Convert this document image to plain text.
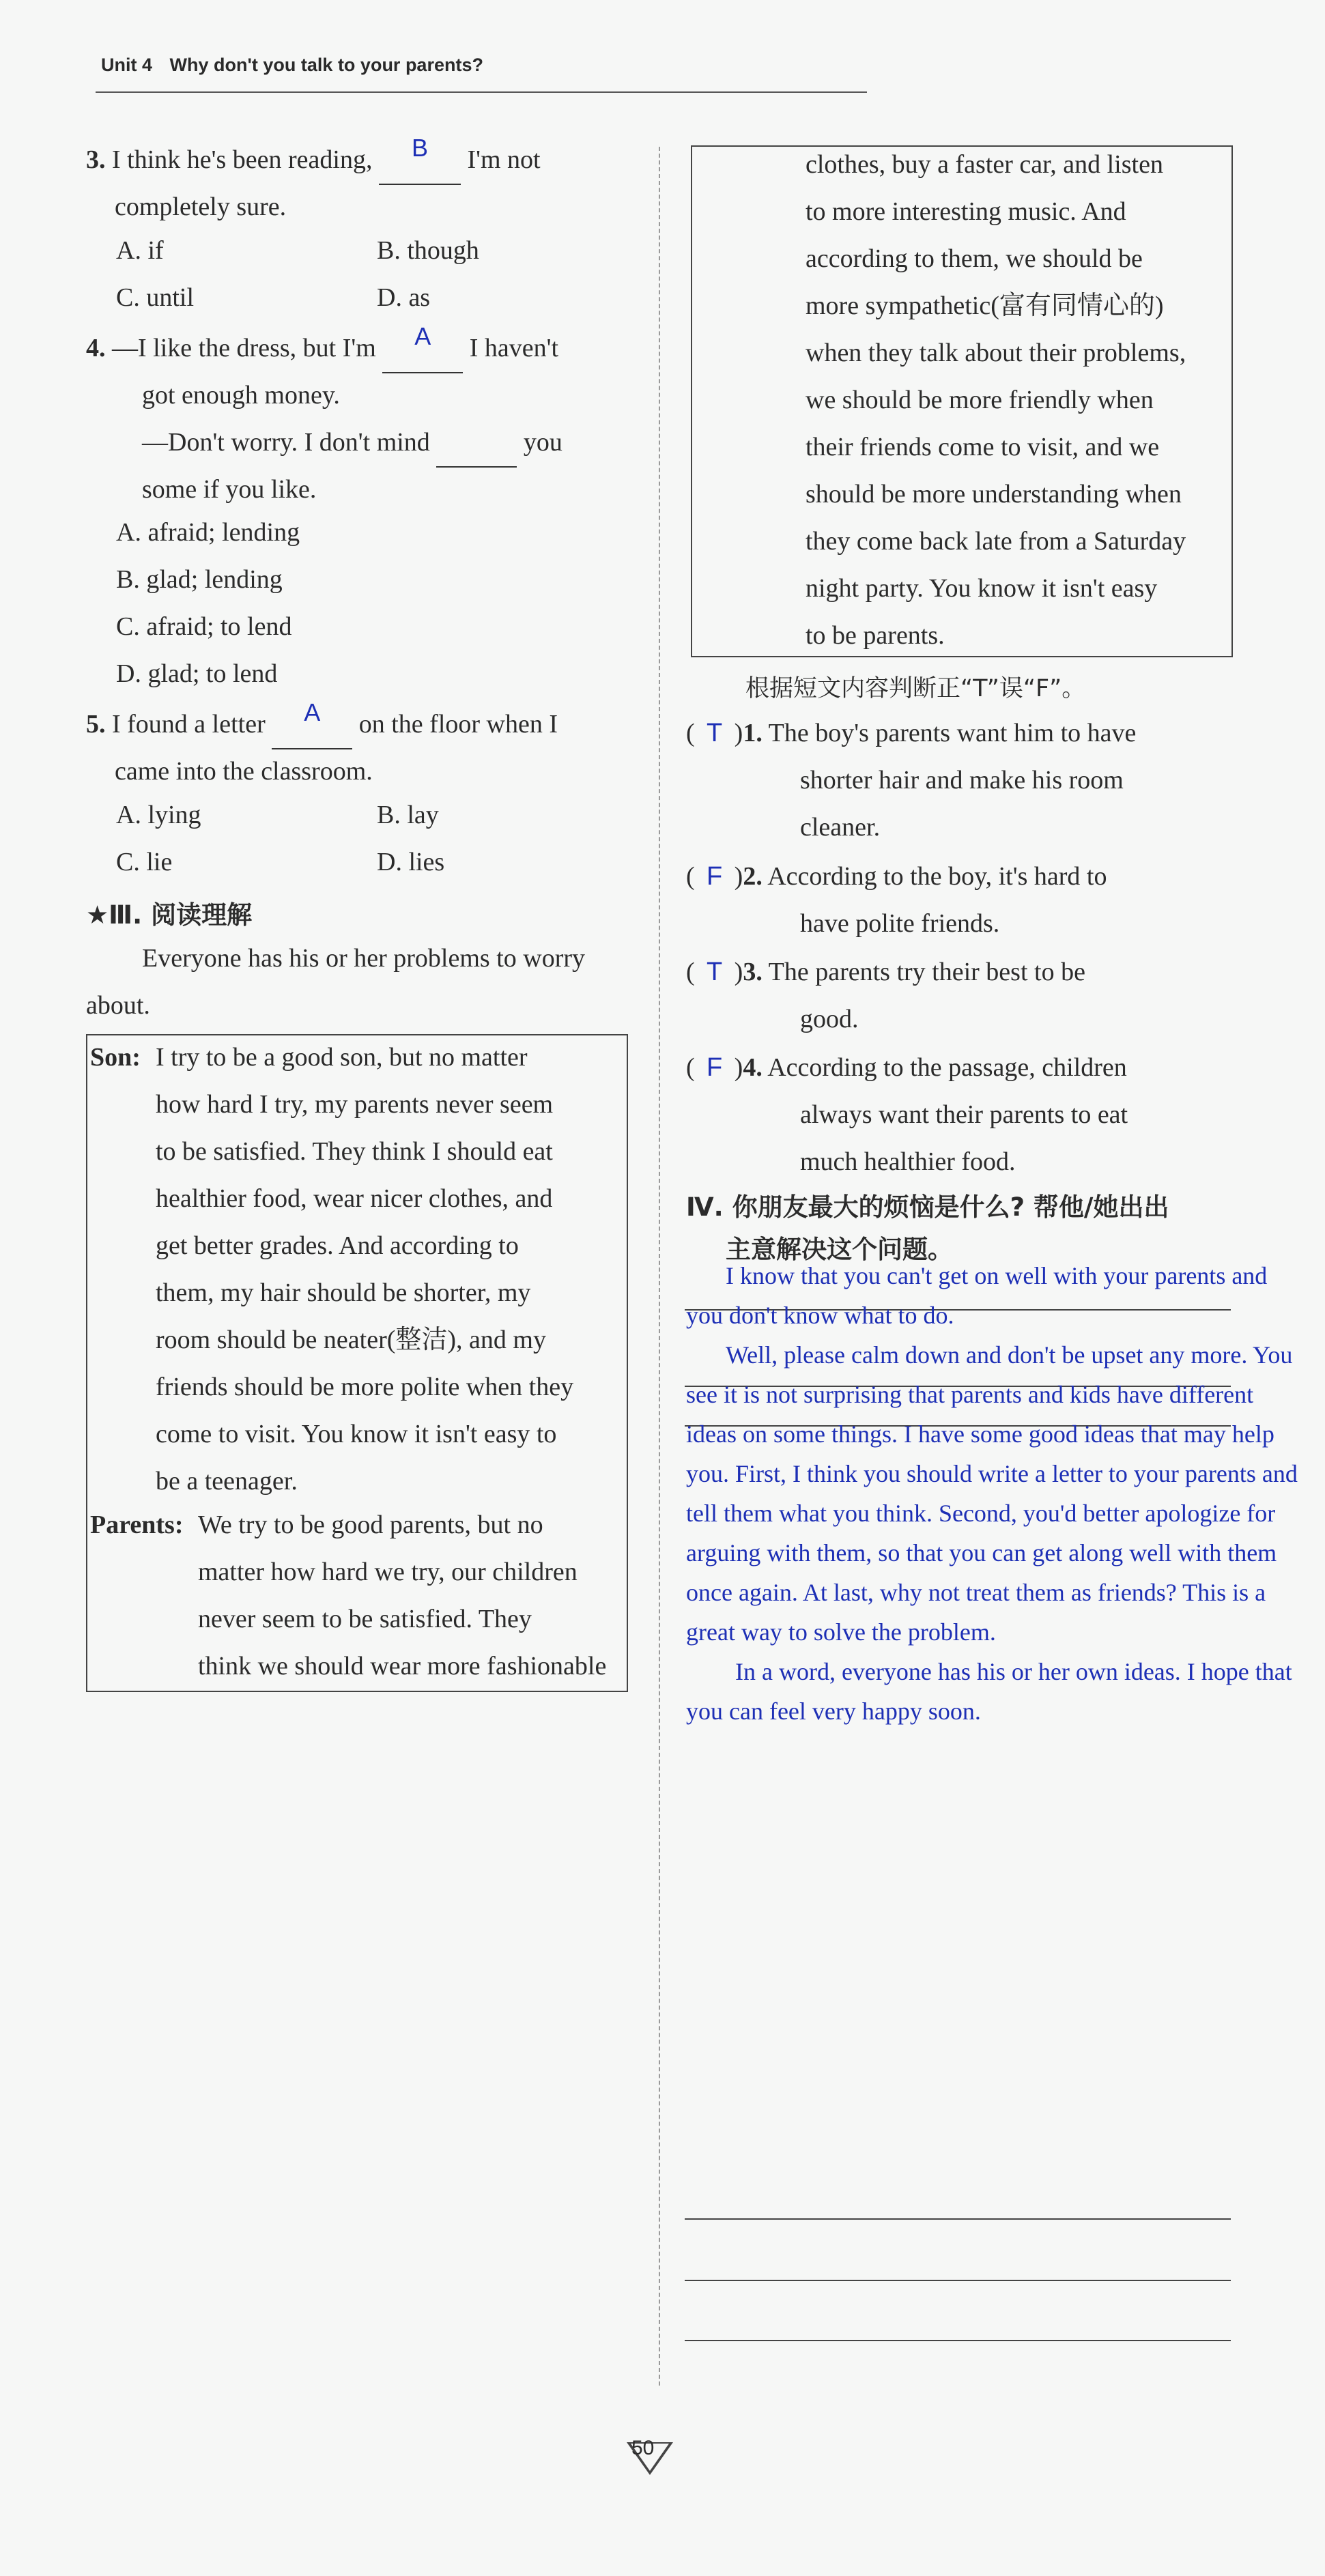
Unit 4 Why don't you talk to your parents?
3. I think he's been reading,	B	I'm not
completely sure.
A. if	B. though
C. until	D. as
4. —I like the dress, but I'm	A	I haven't
got enough money.
—Don't worry. I don't mind	you
some if you like.
A. afraid; lending
B. glad; lending
C. afraid; to lend
D. glad; to lend
5. I found a letter	A	on the floor when I
came into the classroom.
A. lying	B. lay
C. lie	D. lies
★Ⅲ. 阅读理解
Everyone has his or her problems to worry
about.
Son: I try to be a good son, but no matter
how hard I try, my parents never seem
to be satisfied. They think I should eat
healthier food, wear nicer clothes, and
get better grades. And according to
them, my hair should be shorter, my
room should be neater(整洁), and my
friends should be more polite when they
come to visit. You know it isn't easy to
be a teenager.
Parents: We try to be good parents, but no
matter how hard we try, our children
never seem to be satisfied. They
think we should wear more fashionable
clothes, buy a faster car, and listen
to more interesting music. And
according to them, we should be
more sympathetic(富有同情心的)
when they talk about their problems,
we should be more friendly when
their friends come to visit, and we
should be more understanding when
they come back late from a Saturday
night party. You know it isn't easy
to be parents.
根据短文内容判断正“T”误“F”。
( T )1. The boy's parents want him to have
shorter hair and make his room
cleaner.
( F )2. According to the boy, it's hard to
have polite friends.
( T )3. The parents try their best to be
good.
( F )4. According to the passage, children
always want their parents to eat
much healthier food.
Ⅳ. 你朋友最大的烦恼是什么? 帮他/她出出
主意解决这个问题。
I know that you can't get on well with your parents and you don't know what to do.
Well, please calm down and don't be upset any more. You see it is not surprising that parents and kids have different ideas on some things. I have some good ideas that may help you. First, I think you should write a letter to your parents and tell them what you think. Second, you'd better apologize for arguing with them, so that you can get along well with them once again. At last, why not treat them as friends? This is a great way to solve the problem.
In a word, everyone has his or her own ideas. I hope that you can feel very happy soon.
50
